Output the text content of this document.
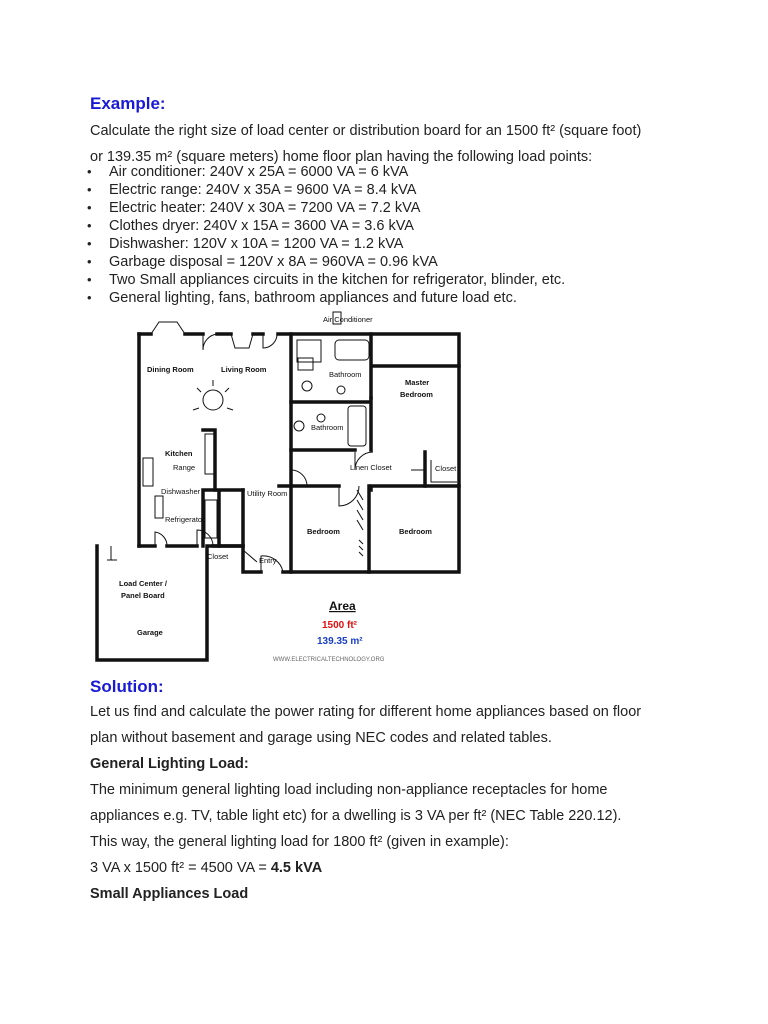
Example:
Calculate the right size of load center or distribution board for an 1500 ft² (square foot)
or 139.35 m² (square meters) home floor plan having the following load points:
• Air conditioner: 240V x 25A = 6000 VA = 6 kVA
• Electric range: 240V x 35A = 9600 VA = 8.4 kVA
• Electric heater: 240V x 30A = 7200 VA = 7.2 kVA
• Clothes dryer: 240V x 15A = 3600 VA = 3.6 kVA
• Dishwasher: 120V x 10A = 1200 VA = 1.2 kVA
• Garbage disposal = 120V x 8A = 960VA = 0.96 kVA
• Two Small appliances circuits in the kitchen for refrigerator, blinder, etc.
• General lighting, fans, bathroom appliances and future load etc.
Air Conditioner
Dining Room	Living Room
Bathroom
Bathroom
Master
Bedroom
Kitchen
Range
Dishwasher
Refrigerator
Utility Room
Linen Closet	Closet
Closet
Bedroom	Bedroom
Entry
Load Center /
Panel Board
Garage
Area
1500 ft²
139.35 m²
WWW.ELECTRICALTECHNOLOGY.ORG
Solution:
Let us find and calculate the power rating for different home appliances based on floor
plan without basement and garage using NEC codes and related tables.
General Lighting Load:
The minimum general lighting load including non-appliance receptacles for home
appliances e.g. TV, table light etc) for a dwelling is 3 VA per ft² (NEC Table 220.12).
This way, the general lighting load for 1800 ft² (given in example):
3 VA x 1500 ft² = 4500 VA = 4.5 kVA
Small Appliances Load
